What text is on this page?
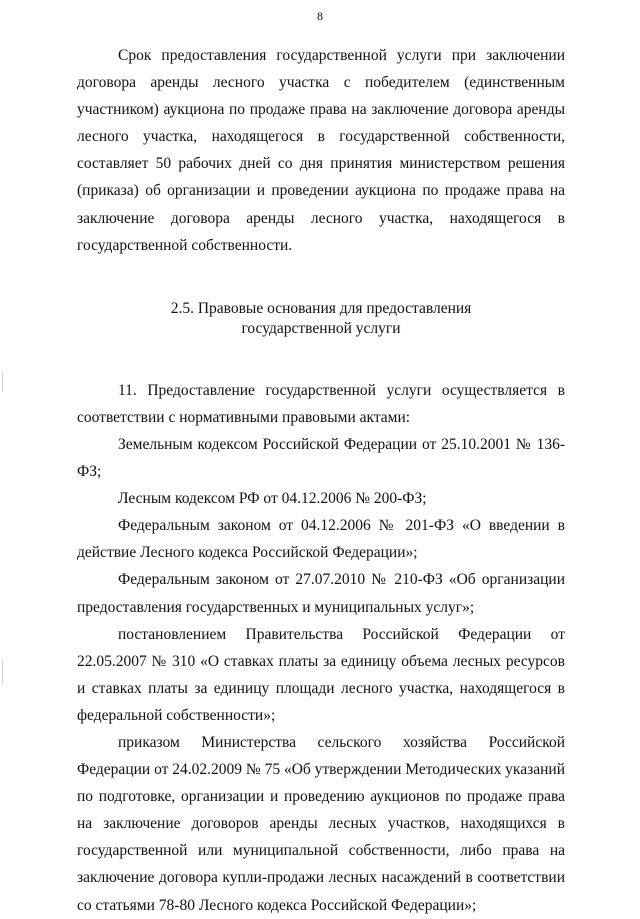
8

Срок предоставления государственной услуги при заключении договора аренды лесного участка с победителем (единственным участником) аукциона по продаже права на заключение договора аренды лесного участка, находящегося в государственной собственности, составляет 50 рабочих дней со дня принятия министерством решения (приказа) об организации и проведении аукциона по продаже права на заключение договора аренды лесного участка, находящегося в государственной собственности.

2.5. Правовые основания для предоставления
государственной услуги

11. Предоставление государственной услуги осуществляется в соответствии с нормативными правовыми актами:

Земельным кодексом Российской Федерации от 25.10.2001 № 136-ФЗ;

Лесным кодексом РФ от 04.12.2006 № 200-ФЗ;

Федеральным законом от 04.12.2006 № 201-ФЗ «О введении в действие Лесного кодекса Российской Федерации»;

Федеральным законом от 27.07.2010 № 210-ФЗ «Об организации предоставления государственных и муниципальных услуг»;

постановлением Правительства Российской Федерации от 22.05.2007 № 310 «О ставках платы за единицу объема лесных ресурсов и ставках платы за единицу площади лесного участка, находящегося в федеральной собственности»;

приказом Министерства сельского хозяйства Российской Федерации от 24.02.2009 № 75 «Об утверждении Методических указаний по подготовке, организации и проведению аукционов по продаже права на заключение договоров аренды лесных участков, находящихся в государственной или муниципальной собственности, либо права на заключение договора купли-продажи лесных насаждений в соответствии со статьями 78-80 Лесного кодекса Российской Федерации»;
